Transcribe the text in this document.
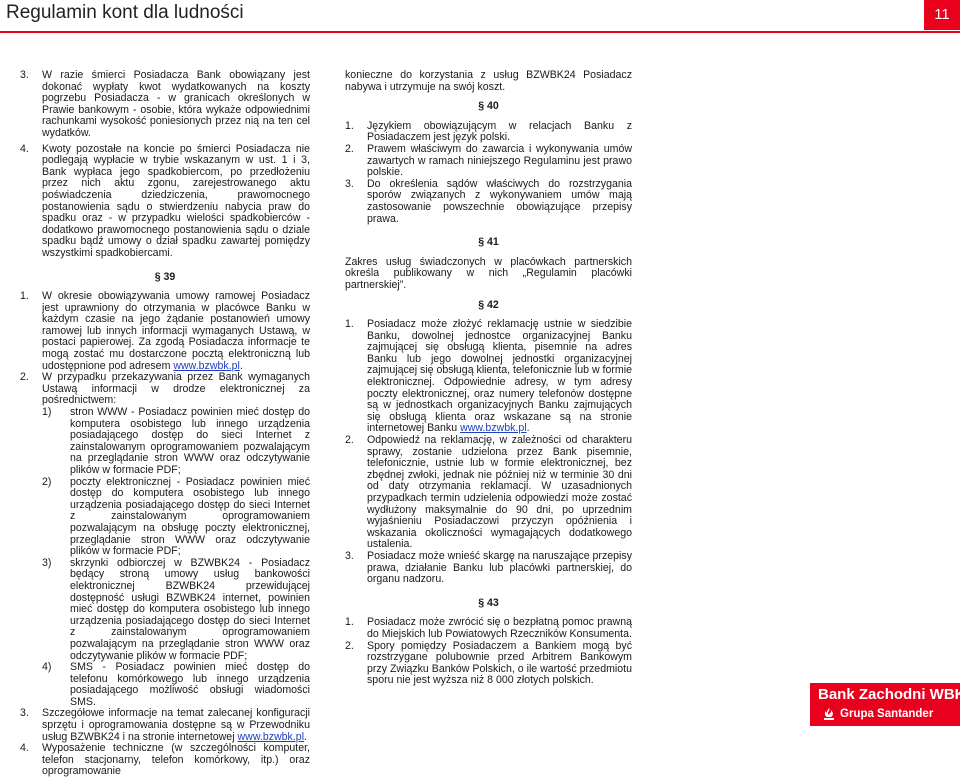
Regulamin kont dla ludności	11
3.	W razie śmierci Posiadacza Bank obowiązany jest dokonać wypłaty kwot wydatkowanych na koszty pogrzebu Posiadacza - w granicach określonych w Prawie bankowym - osobie, która wykaże odpowiednimi rachunkami wysokość poniesionych przez nią na ten cel wydatków.
4.	Kwoty pozostałe na koncie po śmierci Posiadacza nie podlegają wypłacie w trybie wskazanym w ust. 1 i 3, Bank wypłaca jego spadkobiercom, po przedłożeniu przez nich aktu zgonu, zarejestrowanego aktu poświadczenia dziedziczenia, prawomocnego postanowienia sądu o stwierdzeniu nabycia praw do spadku oraz - w przypadku wielości spadkobierców - dodatkowo prawomocnego postanowienia sądu o dziale spadku bądź umowy o dział spadku zawartej pomiędzy wszystkimi spadkobiercami.
§ 39
1.	W okresie obowiązywania umowy ramowej Posiadacz jest uprawniony do otrzymania w placówce Banku w każdym czasie na jego żądanie postanowień umowy ramowej lub innych informacji wymaganych Ustawą, w postaci papierowej. Za zgodą Posiadacza informacje te mogą zostać mu dostarczone pocztą elektroniczną lub udostępnione pod adresem www.bzwbk.pl.
2.	W przypadku przekazywania przez Bank wymaganych Ustawą informacji w drodze elektronicznej za pośrednictwem:
1)	stron WWW - Posiadacz powinien mieć dostęp do komputera osobistego lub innego urządzenia posiadającego dostęp do sieci Internet z zainstalowanym oprogramowaniem pozwalającym na przeglądanie stron WWW oraz odczytywanie plików w formacie PDF;
2)	poczty elektronicznej - Posiadacz powinien mieć dostęp do komputera osobistego lub innego urządzenia posiadającego dostęp do sieci Internet z zainstalowanym oprogramowaniem pozwalającym na obsługę poczty elektronicznej, przeglądanie stron WWW oraz odczytywanie plików w formacie PDF;
3)	skrzynki odbiorczej w BZWBK24 - Posiadacz będący stroną umowy usług bankowości elektronicznej BZWBK24 przewidującej dostępność usługi BZWBK24 internet, powinien mieć dostęp do komputera osobistego lub innego urządzenia posiadającego dostęp do sieci Internet z zainstalowanym oprogramowaniem pozwalającym na przeglądanie stron WWW oraz odczytywanie plików w formacie PDF;
4)	SMS - Posiadacz powinien mieć dostęp do telefonu komórkowego lub innego urządzenia posiadającego możliwość obsługi wiadomości SMS.
3.	Szczegółowe informacje na temat zalecanej konfiguracji sprzętu i oprogramowania dostępne są w Przewodniku usług BZWBK24 i na stronie internetowej www.bzwbk.pl.
4.	Wyposażenie techniczne (w szczególności komputer, telefon stacjonarny, telefon komórkowy, itp.) oraz oprogramowanie
konieczne do korzystania z usług BZWBK24 Posiadacz nabywa i utrzymuje na swój koszt.
§ 40
1.	Językiem obowiązującym w relacjach Banku z Posiadaczem jest język polski.
2.	Prawem właściwym do zawarcia i wykonywania umów zawartych w ramach niniejszego Regulaminu jest prawo polskie.
3.	Do określenia sądów właściwych do rozstrzygania sporów związanych z wykonywaniem umów mają zastosowanie powszechnie obowiązujące przepisy prawa.
§ 41
Zakres usług świadczonych w placówkach partnerskich określa publikowany w nich „Regulamin placówki partnerskiej”.
§ 42
1.	Posiadacz może złożyć reklamację ustnie w siedzibie Banku, dowolnej jednostce organizacyjnej Banku zajmującej się obsługą klienta, pisemnie na adres Banku lub jego dowolnej jednostki organizacyjnej zajmującej się obsługą klienta, telefonicznie lub w formie elektronicznej. Odpowiednie adresy, w tym adresy poczty elektronicznej, oraz numery telefonów dostępne są w jednostkach organizacyjnych Banku zajmujących się obsługą klienta oraz wskazane są na stronie internetowej Banku www.bzwbk.pl.
2.	Odpowiedź na reklamację, w zależności od charakteru sprawy, zostanie udzielona przez Bank pisemnie, telefonicznie, ustnie lub w formie elektronicznej, bez zbędnej zwłoki, jednak nie później niż w terminie 30 dni od daty otrzymania reklamacji. W uzasadnionych przypadkach termin udzielenia odpowiedzi może zostać wydłużony maksymalnie do 90 dni, po uprzednim wyjaśnieniu Posiadaczowi przyczyn opóźnienia i wskazania okoliczności wymagających dodatkowego ustalenia.
3.	Posiadacz może wnieść skargę na naruszające przepisy prawa, działanie Banku lub placówki partnerskiej, do organu nadzoru.
§ 43
1.	Posiadacz może zwrócić się o bezpłatną pomoc prawną do Miejskich lub Powiatowych Rzeczników Konsumenta.
2.	Spory pomiędzy Posiadaczem a Bankiem mogą być rozstrzygane polubownie przed Arbitrem Bankowym przy Związku Banków Polskich, o ile wartość przedmiotu sporu nie jest wyższa niż 8 000 złotych polskich.
Bank Zachodni WBK
Grupa Santander
